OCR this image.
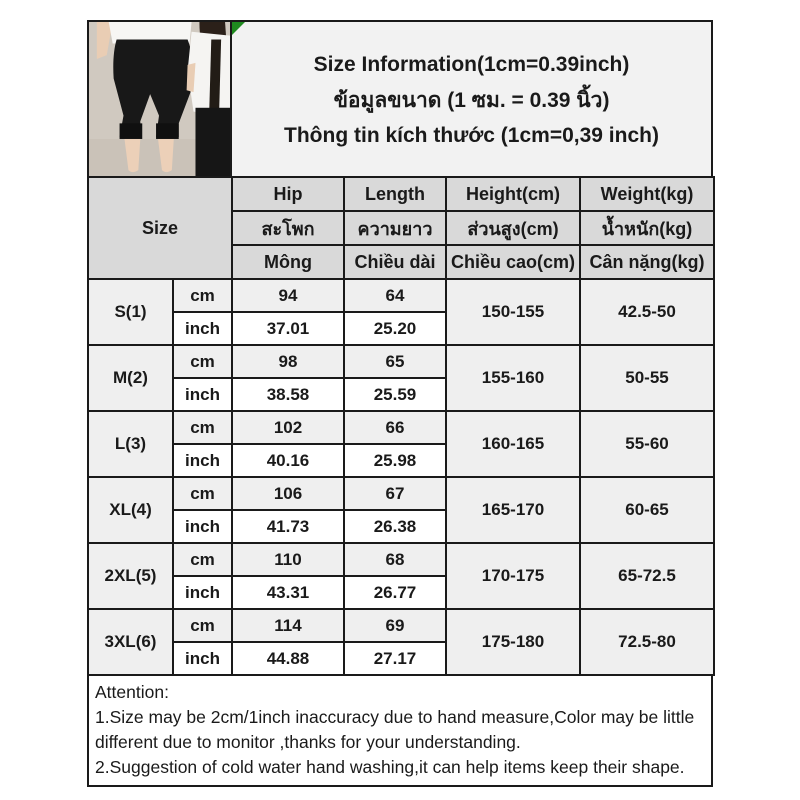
Size Information(1cm=0.39inch)
ข้อมูลขนาด (1 ซม. = 0.39 นิ้ว)
Thông tin kích thước (1cm=0,39 inch)
Size		Hip	Length	Height(cm)	Weight(kg)
		สะโพก	ความยาว	ส่วนสูง(cm)	น้ำหนัก(kg)
		Mông	Chiều dài	Chiều cao(cm)	Cân nặng(kg)
S(1)	cm	94	64	150-155	42.5-50
	inch	37.01	25.20		
M(2)	cm	98	65	155-160	50-55
	inch	38.58	25.59		
L(3)	cm	102	66	160-165	55-60
	inch	40.16	25.98		
XL(4)	cm	106	67	165-170	60-65
	inch	41.73	26.38		
2XL(5)	cm	110	68	170-175	65-72.5
	inch	43.31	26.77		
3XL(6)	cm	114	69	175-180	72.5-80
	inch	44.88	27.17		
Attention:
1.Size may be 2cm/1inch inaccuracy due to hand measure,Color may be little different due to monitor ,thanks for your understanding.
2.Suggestion of cold water hand washing,it can help items keep their shape.
